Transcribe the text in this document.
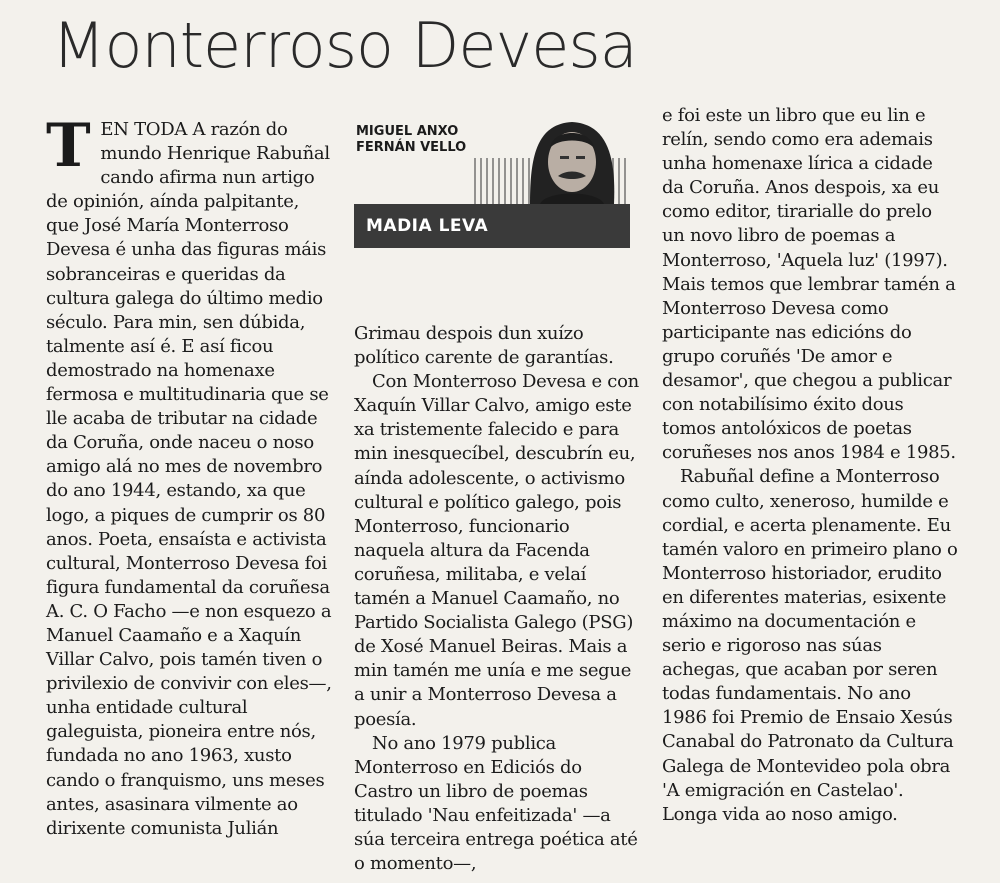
Monterroso Devesa

TEN TODA A razón do mundo Henrique Rabuñal cando afirma nun artigo de opinión, aínda palpitante, que José María Monterroso Devesa é unha das figuras máis sobranceiras e queridas da cultura galega do último medio século. Para min, sen dúbida, talmente así é. E así ficou demostrado na homenaxe fermosa e multitudinaria que se lle acaba de tributar na cidade da Coruña, onde naceu o noso amigo alá no mes de novembro do ano 1944, estando, xa que logo, a piques de cumprir os 80 anos. Poeta, ensaísta e activista cultural, Monterroso Devesa foi figura fundamental da coruñesa A. C. O Facho —e non esquezo a Manuel Caamaño e a Xaquín Villar Calvo, pois tamén tiven o privilexio de convivir con eles—, unha entidade cultural galeguista, pioneira entre nós, fundada no ano 1963, xusto cando o franquismo, uns meses antes, asasinara vilmente ao dirixente comunista Julián

MIGUEL ANXO
FERNÁN VELLO
MADIA LEVA

Grimau despois dun xuízo político carente de garantías.

Con Monterroso Devesa e con Xaquín Villar Calvo, amigo este xa tristemente falecido e para min inesquecíbel, descubrín eu, aínda adolescente, o activismo cultural e político galego, pois Monterroso, funcionario naquela altura da Facenda coruñesa, militaba, e velaí tamén a Manuel Caamaño, no Partido Socialista Galego (PSG) de Xosé Manuel Beiras. Mais a min tamén me unía e me segue a unir a Monterroso Devesa a poesía.

No ano 1979 publica Monterroso en Ediciós do Castro un libro de poemas titulado 'Nau enfeitizada' —a súa terceira entrega poética até o momento—,

e foi este un libro que eu lin e relín, sendo como era ademais unha homenaxe lírica a cidade da Coruña. Anos despois, xa eu como editor, tirarialle do prelo un novo libro de poemas a Monterroso, 'Aquela luz' (1997). Mais temos que lembrar tamén a Monterroso Devesa como participante nas edicións do grupo coruñés 'De amor e desamor', que chegou a publicar con notabilísimo éxito dous tomos antolóxicos de poetas coruñeses nos anos 1984 e 1985.

Rabuñal define a Monterroso como culto, xeneroso, humilde e cordial, e acerta plenamente. Eu tamén valoro en primeiro plano o Monterroso historiador, erudito en diferentes materias, esixente máximo na documentación e serio e rigoroso nas súas achegas, que acaban por seren todas fundamentais. No ano 1986 foi Premio de Ensaio Xesús Canabal do Patronato da Cultura Galega de Montevideo pola obra 'A emigración en Castelao'. Longa vida ao noso amigo.
